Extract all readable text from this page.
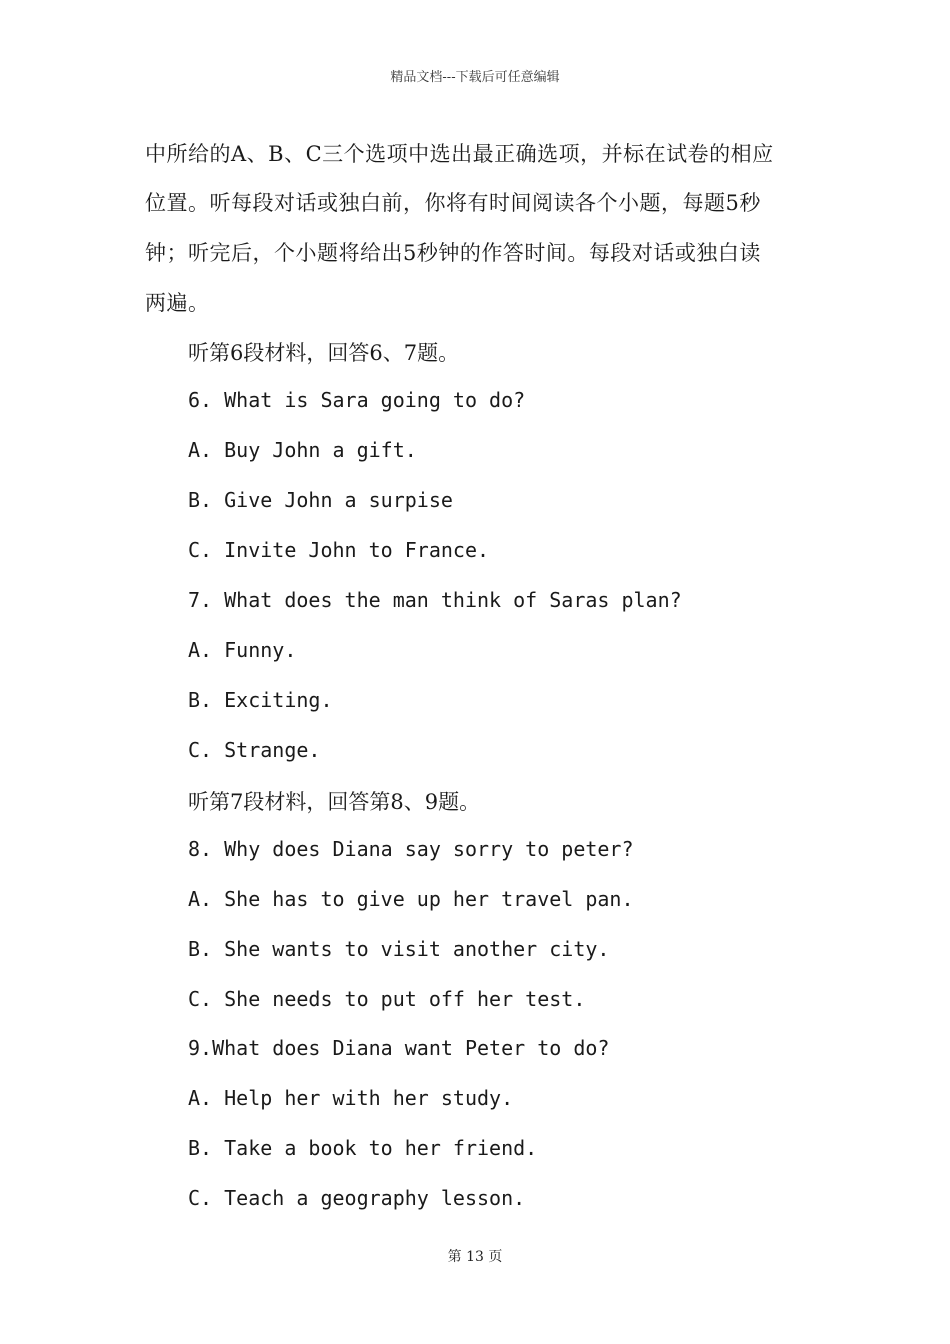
精品文档---下载后可任意编辑
中所给的A、B、C三个选项中选出最正确选项，并标在试卷的相应
位置。听每段对话或独白前，你将有时间阅读各个小题，每题5秒
钟；听完后，个小题将给出5秒钟的作答时间。每段对话或独白读
两遍。
听第6段材料，回答6、7题。
6. What is Sara going to do?
A. Buy John a gift.
B. Give John a surpise
C. Invite John to France.
7. What does the man think of Saras plan?
A. Funny.
B. Exciting.
C. Strange.
听第7段材料，回答第8、9题。
8. Why does Diana say sorry to peter?
A. She has to give up her travel pan.
B. She wants to visit another city.
C. She needs to put off her test.
9.What does Diana want Peter to do?
A. Help her with her study.
B. Take a book to her friend.
C. Teach a geography lesson.
第 13 页
